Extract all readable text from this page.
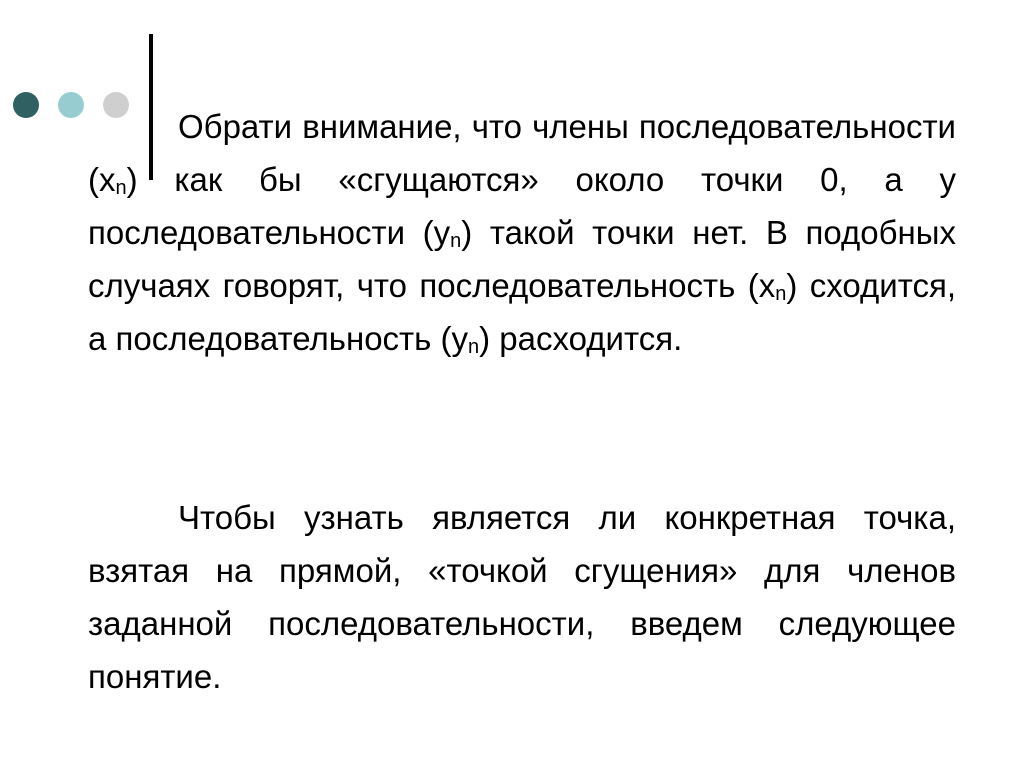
Обрати внимание, что члены последовательности $(x_n)$ как бы «сгущаются» около точки 0, а у последовательности $(y_n)$ такой точки нет. В подобных случаях говорят, что последовательность $(x_n)$ сходится, а последовательность $(y_n)$ расходится.

Чтобы узнать является ли конкретная точка, взятая на прямой, «точкой сгущения» для членов заданной последовательности, введем следующее понятие.
